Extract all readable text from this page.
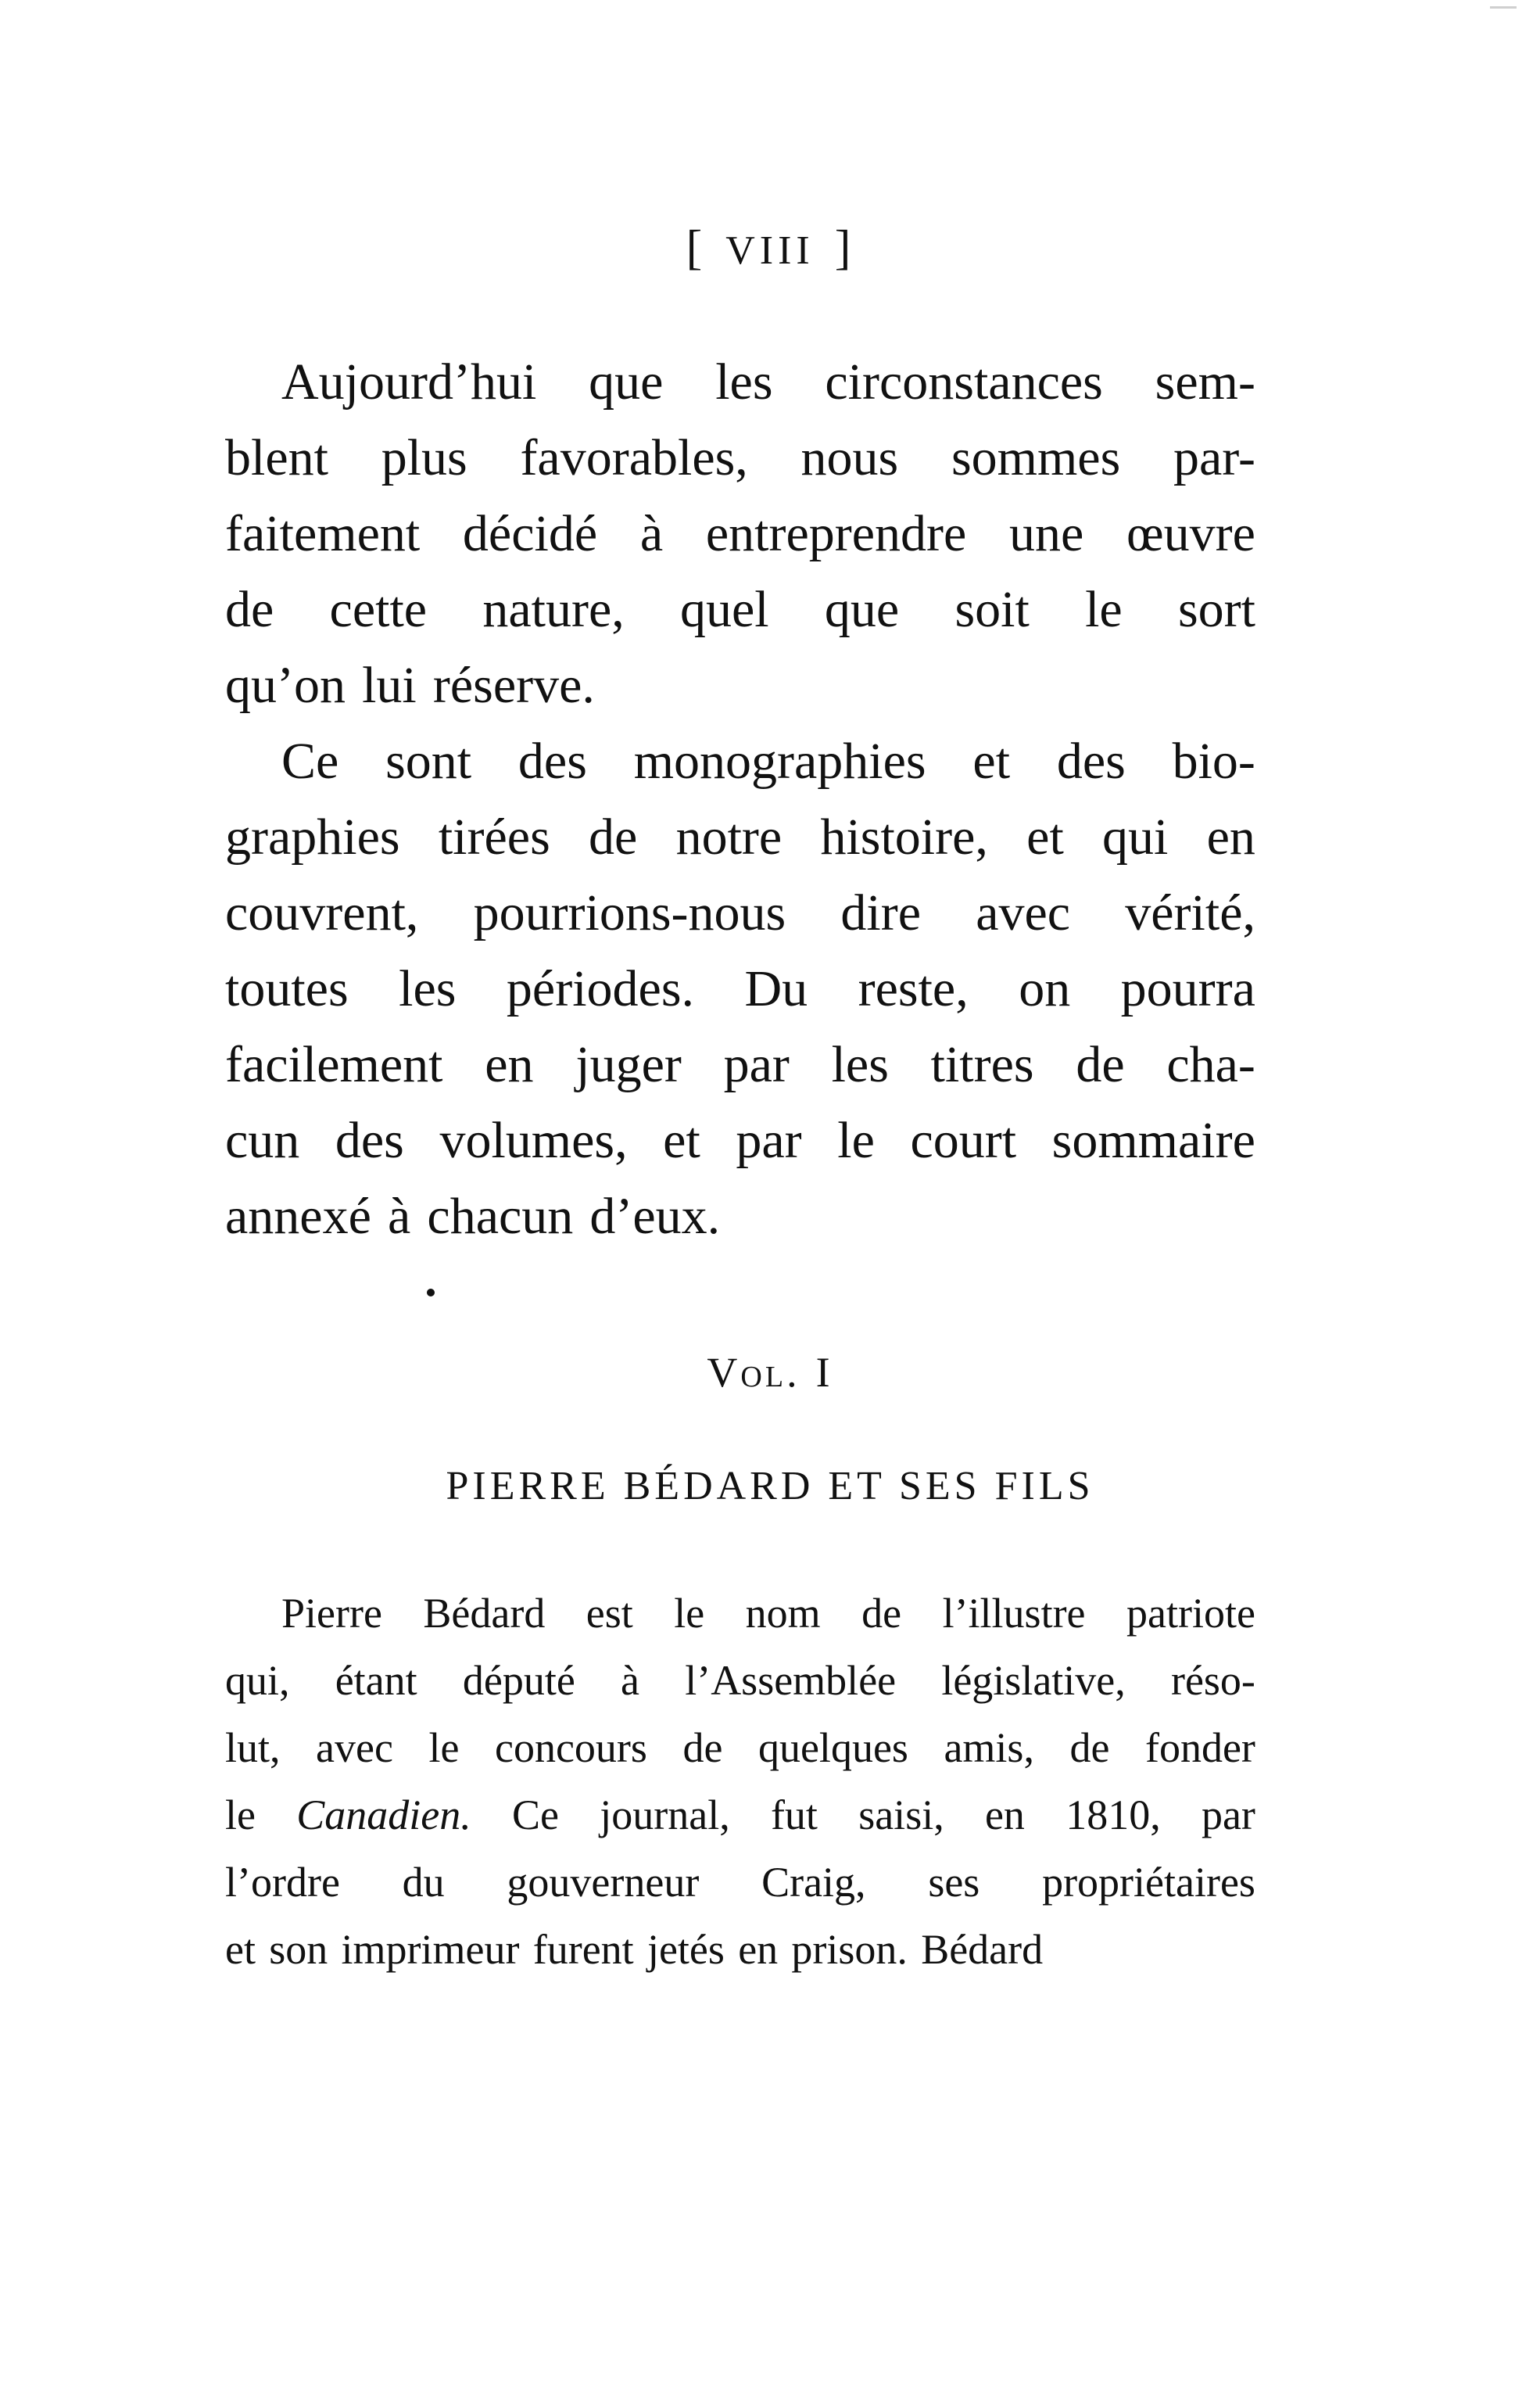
[ VIII ]
Aujourd’hui que les circonstances sem-
blent plus favorables, nous sommes par-
faitement décidé à entreprendre une œuvre
de cette nature, quel que soit le sort
qu’on lui réserve.
Ce sont des monographies et des bio-
graphies tirées de notre histoire, et qui en
couvrent, pourrions-nous dire avec vérité,
toutes les périodes. Du reste, on pourra
facilement en juger par les titres de cha-
cun des volumes, et par le court sommaire
annexé à chacun d’eux.
Vol. I
PIERRE BÉDARD ET SES FILS
Pierre Bédard est le nom de l’illustre patriote
qui, étant député à l’Assemblée législative, réso-
lut, avec le concours de quelques amis, de fonder
le Canadien. Ce journal, fut saisi, en 1810, par
l’ordre du gouverneur Craig, ses propriétaires
et son imprimeur furent jetés en prison. Bédard
